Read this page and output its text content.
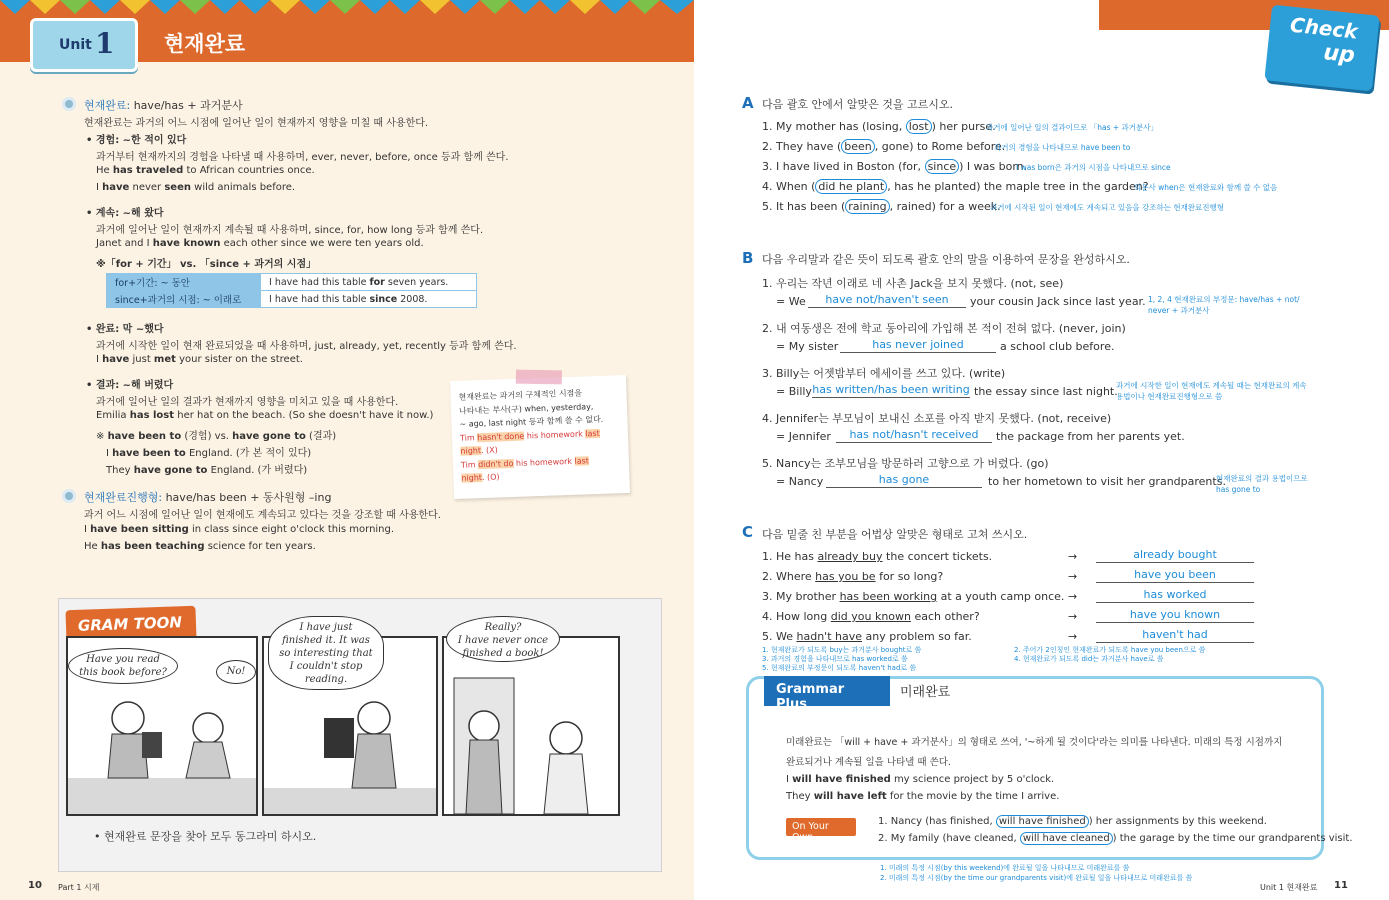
Unit 1 현재완료
현재완료: have/has + 과거분사
현재완료는 과거의 어느 시점에 일어난 일이 현재까지 영향을 미칠 때 사용한다.
• 경험: ~한 적이 있다
과거부터 현재까지의 경험을 나타낼 때 사용하며, ever, never, before, once 등과 함께 쓴다.
He has traveled to African countries once.
I have never seen wild animals before.
• 계속: ~해 왔다
과거에 일어난 일이 현재까지 계속될 때 사용하며, since, for, how long 등과 함께 쓴다.
Janet and I have known each other since we were ten years old.
※「for + 기간」 vs. 「since + 과거의 시점」
for+기간: ~ 동안	I have had this table for seven years.
since+과거의 시점: ~ 이래로	I have had this table since 2008.
• 완료: 막 ~했다
과거에 시작한 일이 현재 완료되었을 때 사용하며, just, already, yet, recently 등과 함께 쓴다.
I have just met your sister on the street.
• 결과: ~해 버렸다
과거에 일어난 일의 결과가 현재까지 영향을 미치고 있을 때 사용한다.
Emilia has lost her hat on the beach. (So she doesn't have it now.)
※ have been to (경험) vs. have gone to (결과)
I have been to England. (가 본 적이 있다)
They have gone to England. (가 버렸다)
현재완료진행형: have/has been + 동사원형 –ing
과거 어느 시점에 일어난 일이 현재에도 계속되고 있다는 것을 강조할 때 사용한다.
I have been sitting in class since eight o'clock this morning.
He has been teaching science for ten years.
현재완료는 과거의 구체적인 시점을
나타내는 부사(구) when, yesterday,
~ ago, last night 등과 함께 쓸 수 없다.
Tim hasn't done his homework last
night. (X)
Tim didn't do his homework last
night. (O)
GRAM TOON
Have you read
this book before?	No!
I have just
finished it. It was
so interesting that
I couldn't stop
reading.
Really?
I have never once
finished a book!
• 현재완료 문장을 찾아 모두 동그라미 하시오.
10 Part 1 시제
Check
up
A 다음 괄호 안에서 알맞은 것을 고르시오.
1. My mother has (losing, lost ) her purse.
과거에 일어난 일의 결과이므로 「has + 과거분사」
2. They have ( been , gone) to Rome before.
과거의 경험을 나타내므로 have been to
3. I have lived in Boston (for, since ) I was born.
I was born은 과거의 시점을 나타내므로 since
4. When ( did he plant , has he planted) the maple tree in the garden?
의문사 when은 현재완료와 함께 쓸 수 없음
5. It has been ( raining , rained) for a week.
과거에 시작된 일이 현재에도 계속되고 있음을 강조하는 현재완료진행형
B 다음 우리말과 같은 뜻이 되도록 괄호 안의 말을 이용하여 문장을 완성하시오.
1. 우리는 작년 이래로 네 사촌 Jack을 보지 못했다. (not, see)
= We	have not/haven't seen	your cousin Jack since last year. 1, 2, 4 현재완료의 부정문: have/has + not/
never + 과거분사
2. 내 여동생은 전에 학교 동아리에 가입해 본 적이 전혀 없다. (never, join)
= My sister	has never joined	a school club before.
3. Billy는 어젯밤부터 에세이를 쓰고 있다. (write)
= Billy has written/has been writing the essay since last night.
과거에 시작한 일이 현재에도 계속될 때는 현재완료의 계속
용법이나 현재완료진행형으로 씀
4. Jennifer는 부모님이 보내신 소포를 아직 받지 못했다. (not, receive)
= Jennifer	has not/hasn't received	the package from her parents yet.
5. Nancy는 조부모님을 방문하러 고향으로 가 버렸다. (go)
= Nancy	has gone	to her hometown to visit her grandparents.
현재완료의 결과 용법이므로
has gone to
C 다음 밑줄 친 부분을 어법상 알맞은 형태로 고쳐 쓰시오.
1. He has already buy the concert tickets.	→	already bought
2. Where has you be for so long?	→	have you been
3. My brother has been working at a youth camp once. →	has worked
4. How long did you known each other?	→	have you known
5. We hadn't have any problem so far.	→	haven't had
1. 현재완료가 되도록 buy는 과거분사 bought로 씀
3. 과거의 경험을 나타내므로 has worked로 씀
5. 현재완료의 부정문이 되도록 haven't had로 씀
2. 주어가 2인칭인 현재완료가 되도록 have you been으로 씀
4. 현재완료가 되도록 did는 과거분사 have로 씀
Grammar Plus
미래완료
미래완료는 「will + have + 과거분사」의 형태로 쓰여, '~하게 될 것이다'라는 의미를 나타낸다. 미래의 특정 시점까지
완료되거나 계속될 일을 나타낼 때 쓴다.
I will have finished my science project by 5 o'clock.
They will have left for the movie by the time I arrive.
On Your Own
1. Nancy (has finished, will have finished ) her assignments by this weekend.
2. My family (have cleaned, will have cleaned ) the garage by the time our grandparents visit.
1. 미래의 특정 시점(by this weekend)에 완료될 일을 나타내므로 미래완료를 씀
2. 미래의 특정 시점(by the time our grandparents visit)에 완료될 일을 나타내므로 미래완료를 씀
Unit 1 현재완료 11
